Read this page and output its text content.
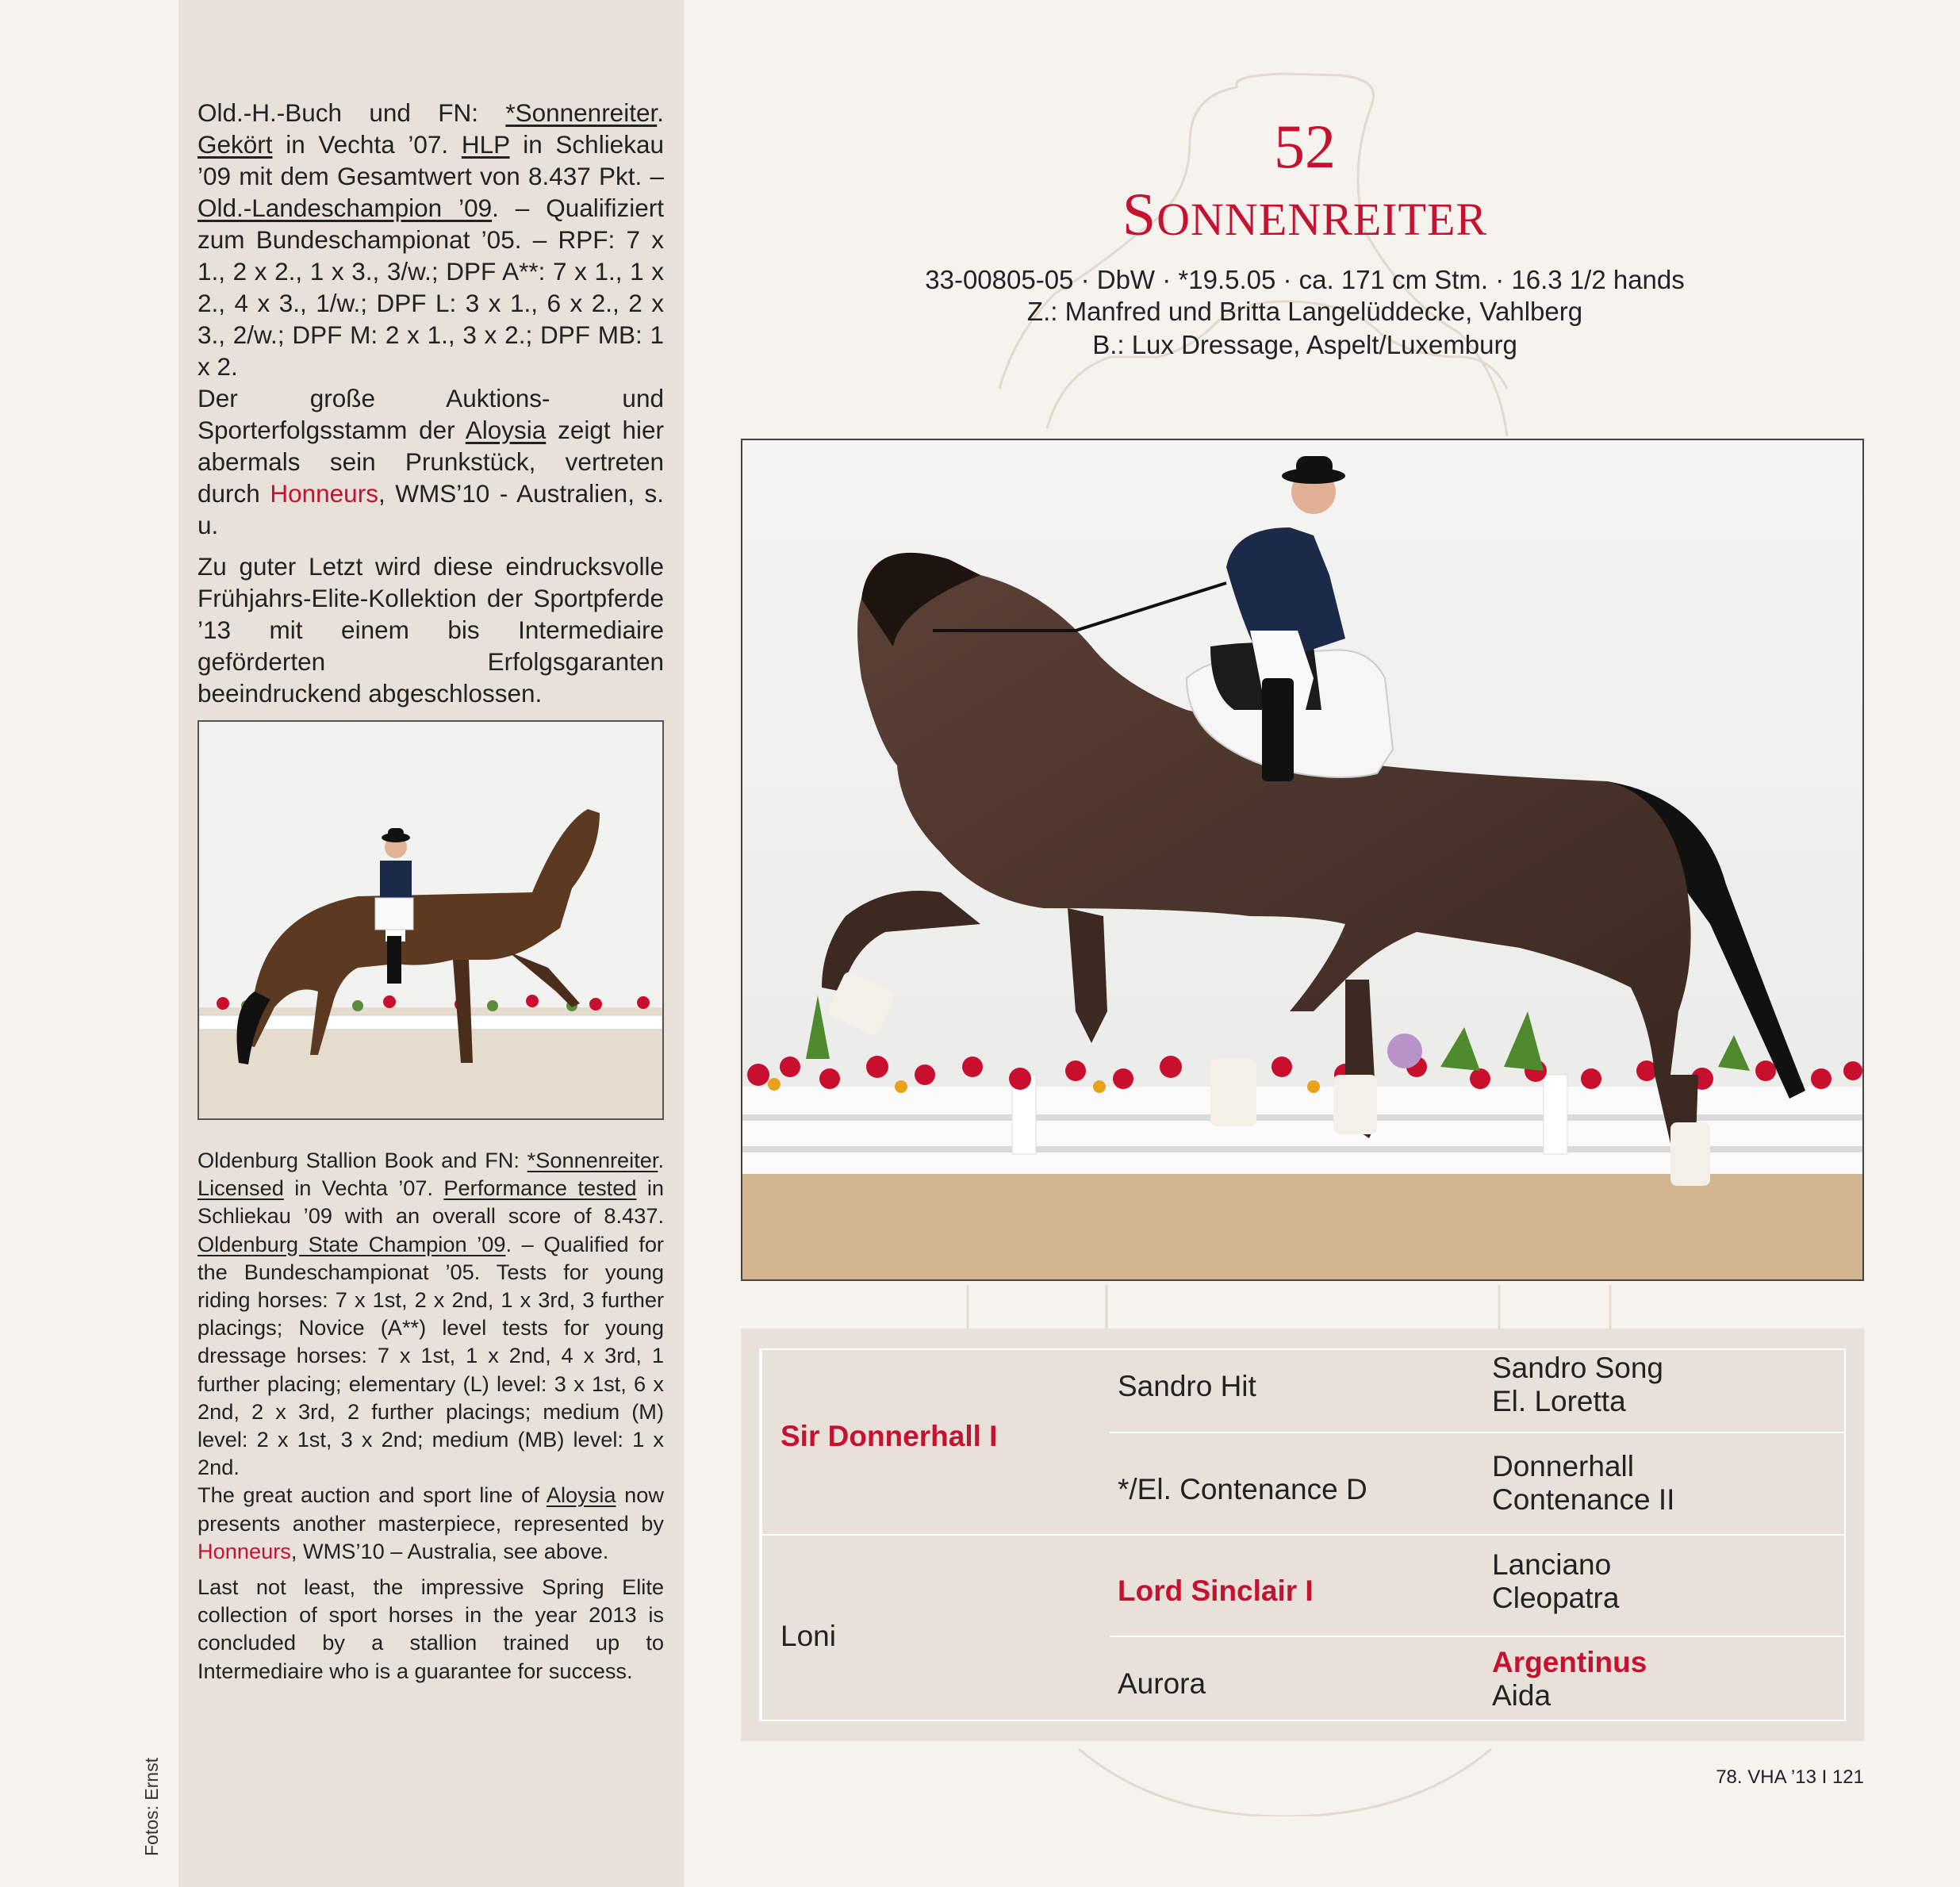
Fotos: Ernst

Old.-H.-Buch und FN: *Sonnenreiter. Gekört in Vechta ’07. HLP in Schliekau ’09 mit dem Gesamtwert von 8.437 Pkt. – Old.-Landeschampion ’09. – Qualifiziert zum Bundeschampionat ’05. – RPF: 7 x 1., 2 x 2., 1 x 3., 3/w.; DPF A**: 7 x 1., 1 x 2., 4 x 3., 1/w.; DPF L: 3 x 1., 6 x 2., 2 x 3., 2/w.; DPF M: 2 x 1., 3 x 2.; DPF MB: 1 x 2.
Der große Auktions- und Sporterfolgsstamm der Aloysia zeigt hier abermals sein Prunkstück, vertreten durch Honneurs, WMS’10 - Australien, s. u.

Zu guter Letzt wird diese eindrucksvolle Frühjahrs-Elite-Kollektion der Sportpferde ’13 mit einem bis Intermediaire geförderten Erfolgsgaranten beeindruckend abgeschlossen.

Oldenburg Stallion Book and FN: *Sonnenreiter. Licensed in Vechta ’07. Performance tested in Schliekau ’09 with an overall score of 8.437. Oldenburg State Champion ’09. – Qualified for the Bundeschampionat ’05. Tests for young riding horses: 7 x 1st, 2 x 2nd, 1 x 3rd, 3 further placings; Novice (A**) level tests for young dressage horses: 7 x 1st, 1 x 2nd, 4 x 3rd, 1 further placing; elementary (L) level: 3 x 1st, 6 x 2nd, 2 x 3rd, 2 further placings; medium (M) level: 2 x 1st, 3 x 2nd; medium (MB) level: 1 x 2nd.
The great auction and sport line of Aloysia now presents another masterpiece, represented by Honneurs, WMS’10 – Australia, see above.

Last not least, the impressive Spring Elite collection of sport horses in the year 2013 is concluded by a stallion trained up to Intermediaire who is a guarantee for success.

52
SONNENREITER
33-00805-05 · DbW · *19.5.05 · ca. 171 cm Stm. · 16.3 1/2 hands
Z.: Manfred und Britta Langelüddecke, Vahlberg
B.: Lux Dressage, Aspelt/Luxemburg
Sir Donnerhall I
Loni
Sandro Hit
*/El. Contenance D
Lord Sinclair I
Aurora
Sandro Song
El. Loretta
Donnerhall
Contenance II
Lanciano
Cleopatra
Argentinus
Aida
78. VHA ’13 I 121
